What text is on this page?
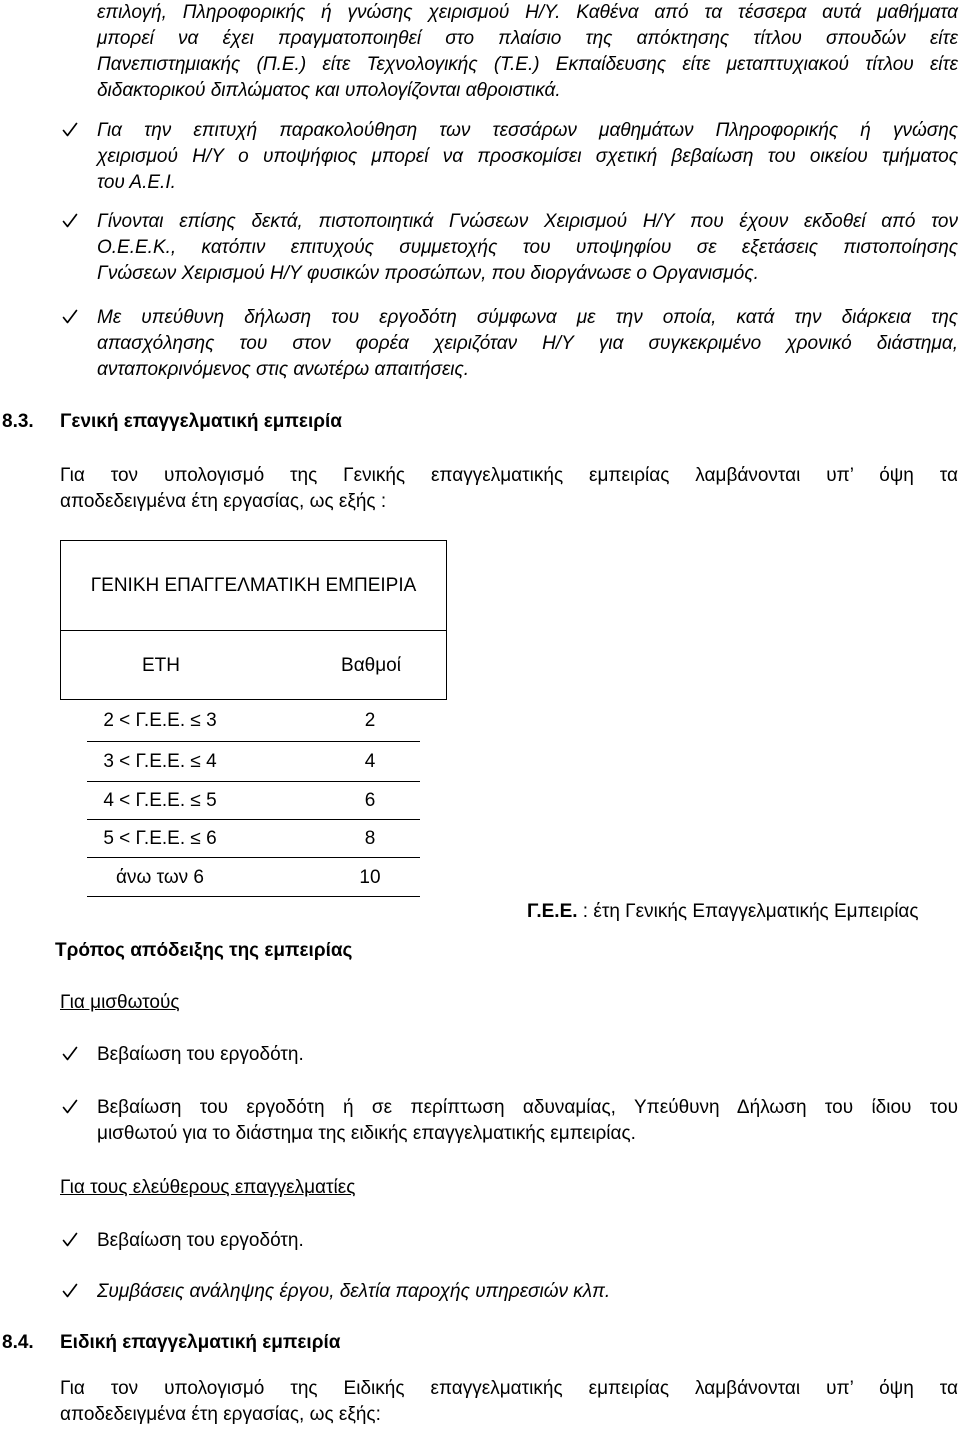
επιλογή, Πληροφορικής ή γνώσης χειρισμού Η/Υ. Καθένα από τα τέσσερα αυτά μαθήματα
μπορεί να έχει πραγματοποιηθεί στο πλαίσιο της απόκτησης τίτλου σπουδών είτε
Πανεπιστημιακής (Π.Ε.) είτε Τεχνολογικής (Τ.Ε.) Εκπαίδευσης είτε μεταπτυχιακού τίτλου είτε
διδακτορικού διπλώματος και υπολογίζονται αθροιστικά.
Για την επιτυχή παρακολούθηση των τεσσάρων μαθημάτων Πληροφορικής ή γνώσης
χειρισμού Η/Υ ο υποψήφιος μπορεί να προσκομίσει σχετική βεβαίωση του οικείου τμήματος
του Α.Ε.Ι.
Γίνονται επίσης δεκτά, πιστοποιητικά Γνώσεων Χειρισμού Η/Υ που έχουν εκδοθεί από τον
Ο.Ε.Ε.Κ., κατόπιν επιτυχούς συμμετοχής του υποψηφίου σε εξετάσεις πιστοποίησης
Γνώσεων Χειρισμού Η/Υ φυσικών προσώπων, που διοργάνωσε ο Οργανισμός.
Με υπεύθυνη δήλωση του εργοδότη σύμφωνα με την οποία, κατά την διάρκεια της
απασχόλησης του στον φορέα χειριζόταν Η/Υ για συγκεκριμένο χρονικό διάστημα,
ανταποκρινόμενος στις ανωτέρω απαιτήσεις.
8.3. Γενική επαγγελματική εμπειρία
Για τον υπολογισμό της Γενικής επαγγελματικής εμπειρίας λαμβάνονται υπ’ όψη τα
αποδεδειγμένα έτη εργασίας, ως εξής :
ΓΕΝΙΚΗ ΕΠΑΓΓΕΛΜΑΤΙΚΗ ΕΜΠΕΙΡΙΑ
ΕΤΗ	Βαθμοί
2 < Γ.Ε.Ε. ≤ 3	2
3 < Γ.Ε.Ε. ≤ 4	4
4 < Γ.Ε.Ε. ≤ 5	6
5 < Γ.Ε.Ε. ≤ 6	8
άνω των 6	10
Γ.Ε.Ε. : έτη Γενικής Επαγγελματικής Εμπειρίας
Τρόπος απόδειξης της εμπειρίας
Για μισθωτούς
Βεβαίωση του εργοδότη.
Βεβαίωση του εργοδότη ή σε περίπτωση αδυναμίας, Υπεύθυνη Δήλωση του ίδιου του
μισθωτού για το διάστημα της ειδικής επαγγελματικής εμπειρίας.
Για τους ελεύθερους επαγγελματίες
Βεβαίωση του εργοδότη.
Συμβάσεις ανάληψης έργου, δελτία παροχής υπηρεσιών κλπ.
8.4. Ειδική επαγγελματική εμπειρία
Για τον υπολογισμό της Ειδικής επαγγελματικής εμπειρίας λαμβάνονται υπ’ όψη τα
αποδεδειγμένα έτη εργασίας, ως εξής:
